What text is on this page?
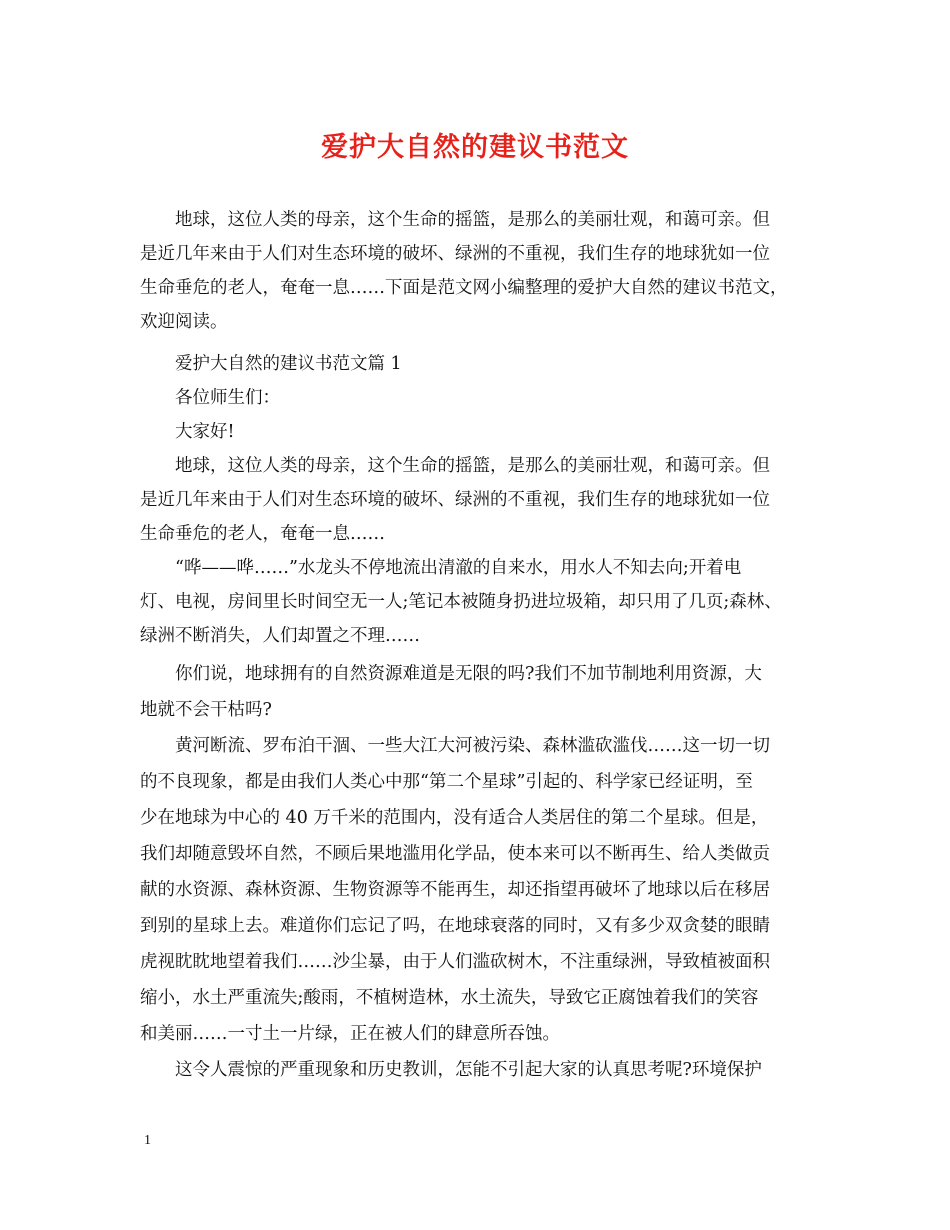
爱护大自然的建议书范文
　　地球，这位人类的母亲，这个生命的摇篮，是那么的美丽壮观，和蔼可亲。但
是近几年来由于人们对生态环境的破坏、绿洲的不重视，我们生存的地球犹如一位
生命垂危的老人，奄奄一息……下面是范文网小编整理的爱护大自然的建议书范文，
欢迎阅读。
　　爱护大自然的建议书范文篇 1
　　各位师生们：
　　大家好!
　　地球，这位人类的母亲，这个生命的摇篮，是那么的美丽壮观，和蔼可亲。但
是近几年来由于人们对生态环境的破坏、绿洲的不重视，我们生存的地球犹如一位
生命垂危的老人，奄奄一息……
　　“哗——哗……”水龙头不停地流出清澈的自来水，用水人不知去向;开着电
灯、电视，房间里长时间空无一人;笔记本被随身扔进垃圾箱，却只用了几页;森林、
绿洲不断消失，人们却置之不理……
　　你们说，地球拥有的自然资源难道是无限的吗?我们不加节制地利用资源，大
地就不会干枯吗?
　　黄河断流、罗布泊干涸、一些大江大河被污染、森林滥砍滥伐……这一切一切
的不良现象，都是由我们人类心中那“第二个星球”引起的、科学家已经证明，至
少在地球为中心的 40 万千米的范围内，没有适合人类居住的第二个星球。但是，
我们却随意毁坏自然，不顾后果地滥用化学品，使本来可以不断再生、给人类做贡
献的水资源、森林资源、生物资源等不能再生，却还指望再破坏了地球以后在移居
到别的星球上去。难道你们忘记了吗，在地球衰落的同时，又有多少双贪婪的眼睛
虎视眈眈地望着我们……沙尘暴，由于人们滥砍树木，不注重绿洲，导致植被面积
缩小，水土严重流失;酸雨，不植树造林，水土流失，导致它正腐蚀着我们的笑容
和美丽……一寸土一片绿，正在被人们的肆意所吞蚀。
　　这令人震惊的严重现象和历史教训，怎能不引起大家的认真思考呢?环境保护
1
